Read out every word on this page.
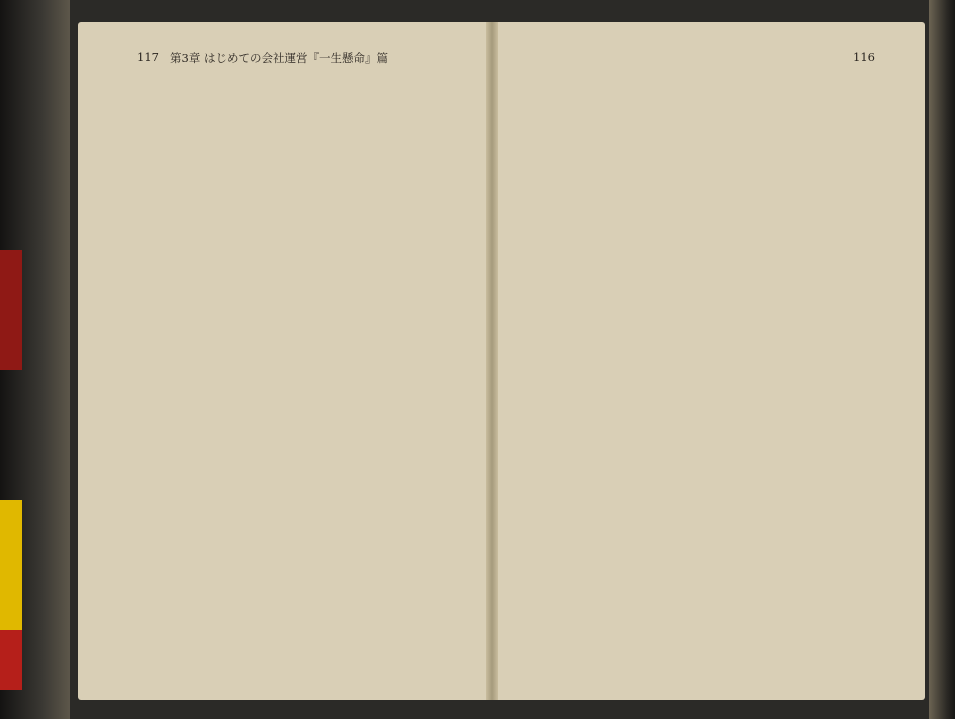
117 第3章 はじめての会社運営『一生懸命』篇	116
